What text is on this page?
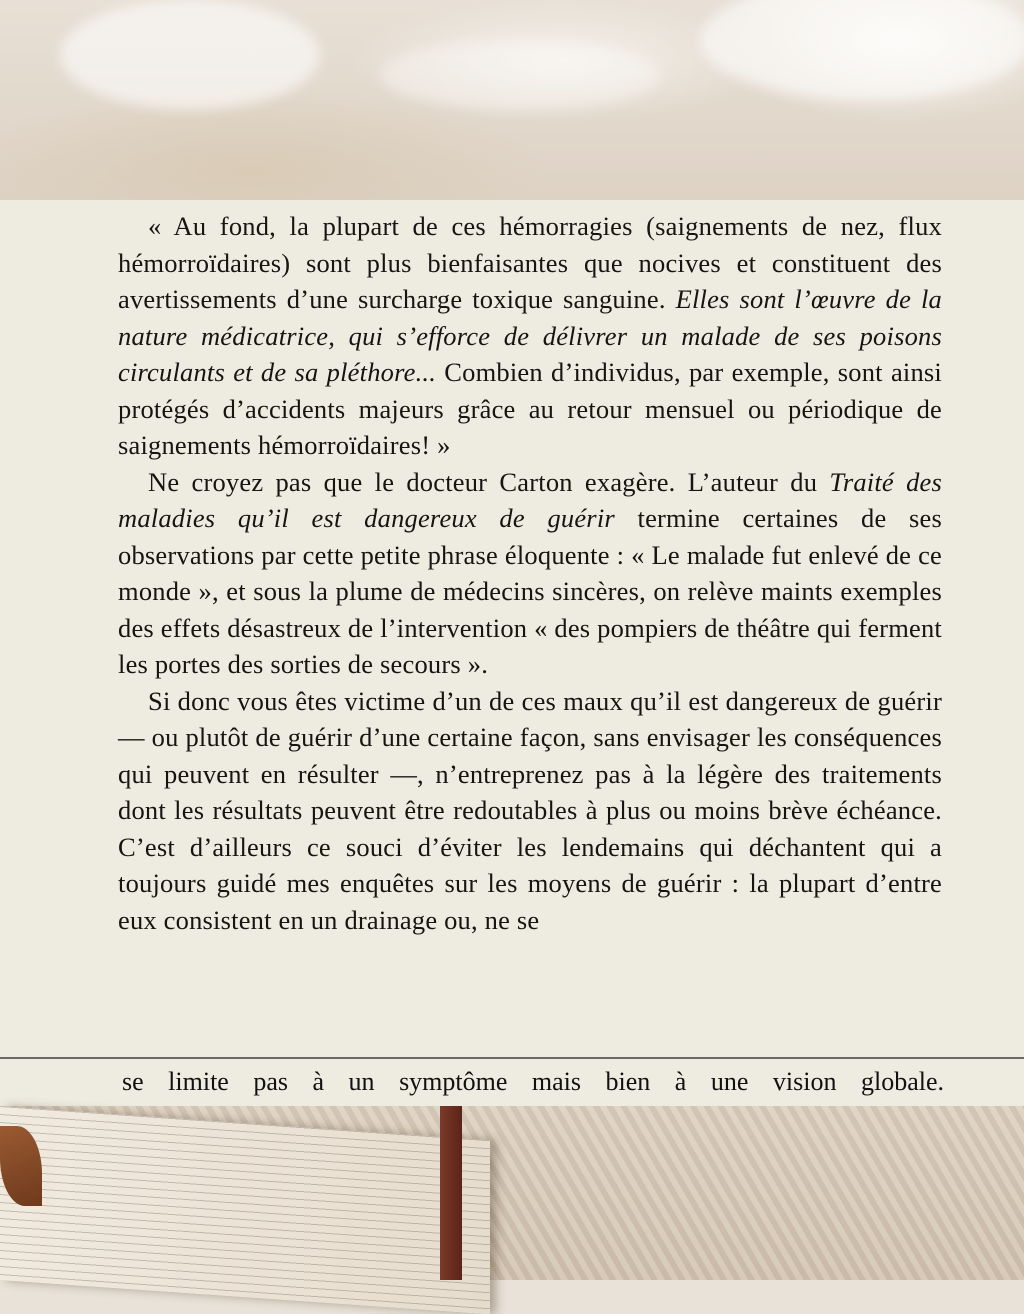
« Au fond, la plupart de ces hémorragies (saignements de nez, flux hémorroïdaires) sont plus bienfaisantes que nocives et constituent des avertissements d’une surcharge toxique sanguine. Elles sont l’œuvre de la nature médicatrice, qui s’efforce de délivrer un malade de ses poisons circulants et de sa pléthore... Combien d’individus, par exemple, sont ainsi protégés d’accidents majeurs grâce au retour mensuel ou périodique de saignements hémorroïdaires! »

Ne croyez pas que le docteur Carton exagère. L’auteur du Traité des maladies qu’il est dangereux de guérir termine certaines de ses observations par cette petite phrase éloquente : « Le malade fut enlevé de ce monde », et sous la plume de médecins sincères, on relève maints exemples des effets désastreux de l’intervention « des pompiers de théâtre qui ferment les portes des sorties de secours ».

Si donc vous êtes victime d’un de ces maux qu’il est dangereux de guérir — ou plutôt de guérir d’une certaine façon, sans envisager les conséquences qui peuvent en résulter —, n’entreprenez pas à la légère des traitements dont les résultats peuvent être redoutables à plus ou moins brève échéance. C’est d’ailleurs ce souci d’éviter les lendemains qui déchantent qui a toujours guidé mes enquêtes sur les moyens de guérir : la plupart d’entre eux consistent en un drainage ou, ne se

se limite pas à un symptôme mais bien à une vision globale.
